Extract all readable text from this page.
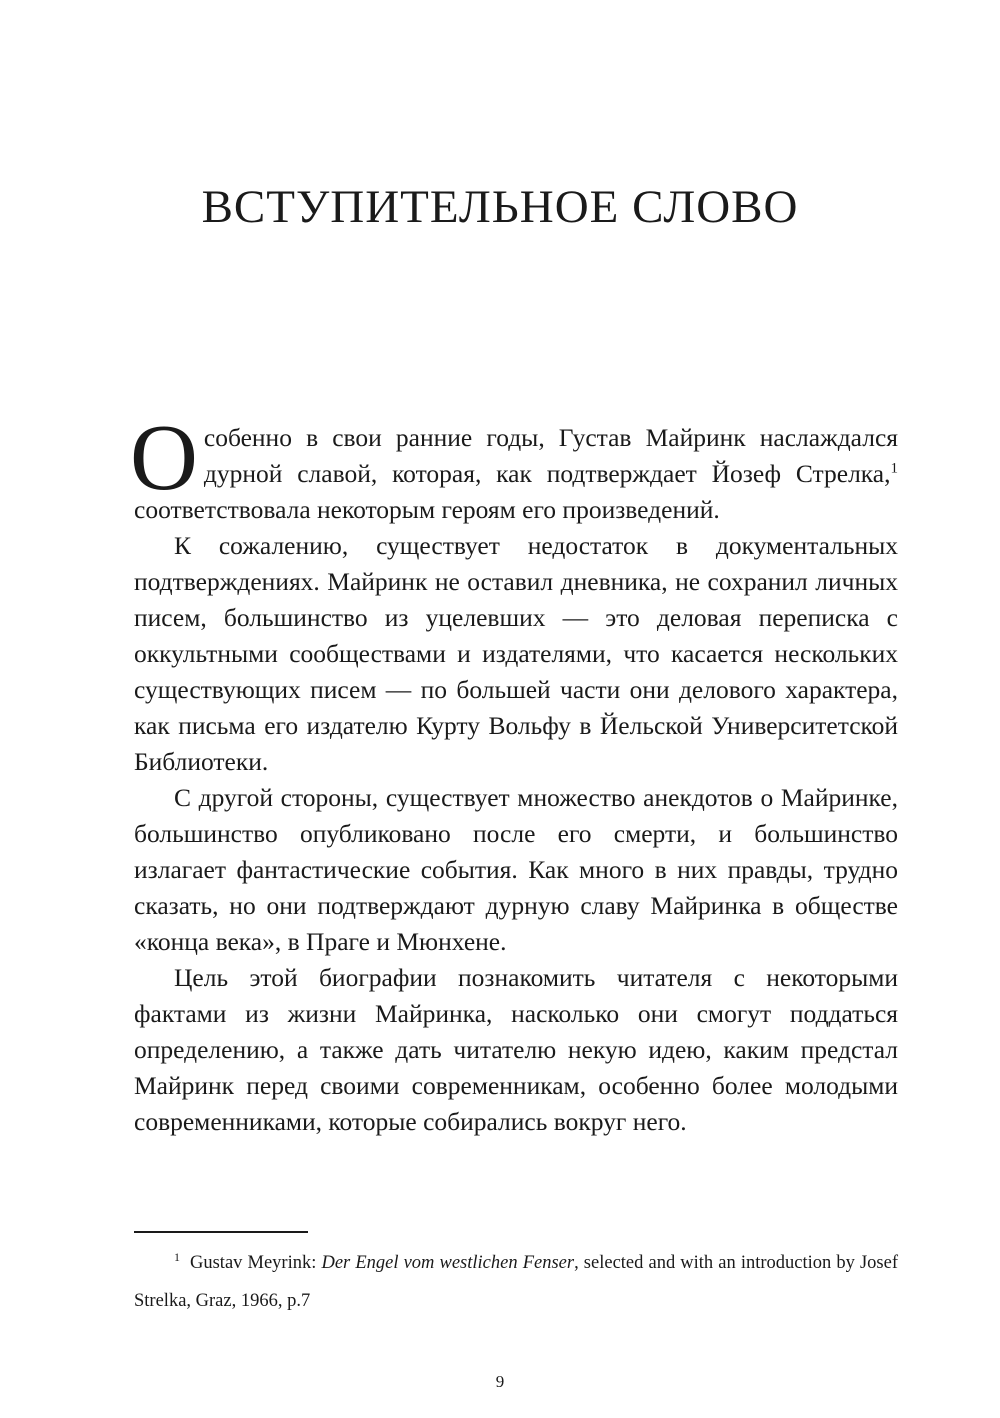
ВСТУПИТЕЛЬНОЕ СЛОВО

Особенно в свои ранние годы, Густав Майринк наслаждался дурной славой, которая, как подтверждает Йозеф Стрелка,$^1$ соответствовала некоторым героям его произведений.

К сожалению, существует недостаток в документальных подтверждениях. Майринк не оставил дневника, не сохранил личных писем, большинство из уцелевших — это деловая переписка с оккультными сообществами и издателями, что касается нескольких существующих писем — по большей части они делового характера, как письма его издателю Курту Вольфу в Йельской Университетской Библиотеки.

С другой стороны, существует множество анекдотов о Майринке, большинство опубликовано после его смерти, и большинство излагает фантастические события. Как много в них правды, трудно сказать, но они подтверждают дурную славу Майринка в обществе «конца века», в Праге и Мюнхене.

Цель этой биографии познакомить читателя с некоторыми фактами из жизни Майринка, насколько они смогут поддаться определению, а также дать читателю некую идею, каким предстал Майринк перед своими современникам, особенно более молодыми современниками, которые собирались вокруг него.

$^1$ Gustav Meyrink: Der Engel vom westlichen Fenser, selected and with an introduction by Josef Strelka, Graz, 1966, p.7
9
